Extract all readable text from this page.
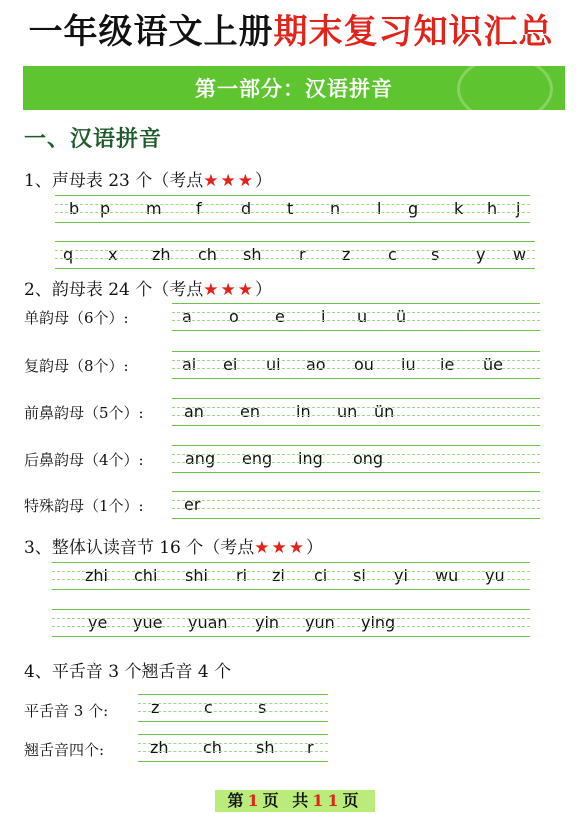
一年级语文上册期末复习知识汇总
第一部分：汉语拼音
一、汉语拼音
1、声母表 23 个（考点★★★）
b p m f d t n l g k h j
q x zh ch sh r z c s y w
2、韵母表 24 个（考点★★★）
单韵母（6个）:	a o e i u ü
复韵母（8个）:	ai ei ui ao ou iu ie üe
前鼻韵母（5个）:	an en in un ün
后鼻韵母（4个）:	ang eng ing ong
特殊韵母（1个）:	er
3、整体认读音节 16 个（考点★★★）
zhi chi shi ri zi ci si yi wu yu
ye yue yuan yin yun ying
4、平舌音 3 个翘舌音 4 个
平舌音 3 个:	z	c	s
翘舌音四个:	zh ch sh r
第1页 共11页
